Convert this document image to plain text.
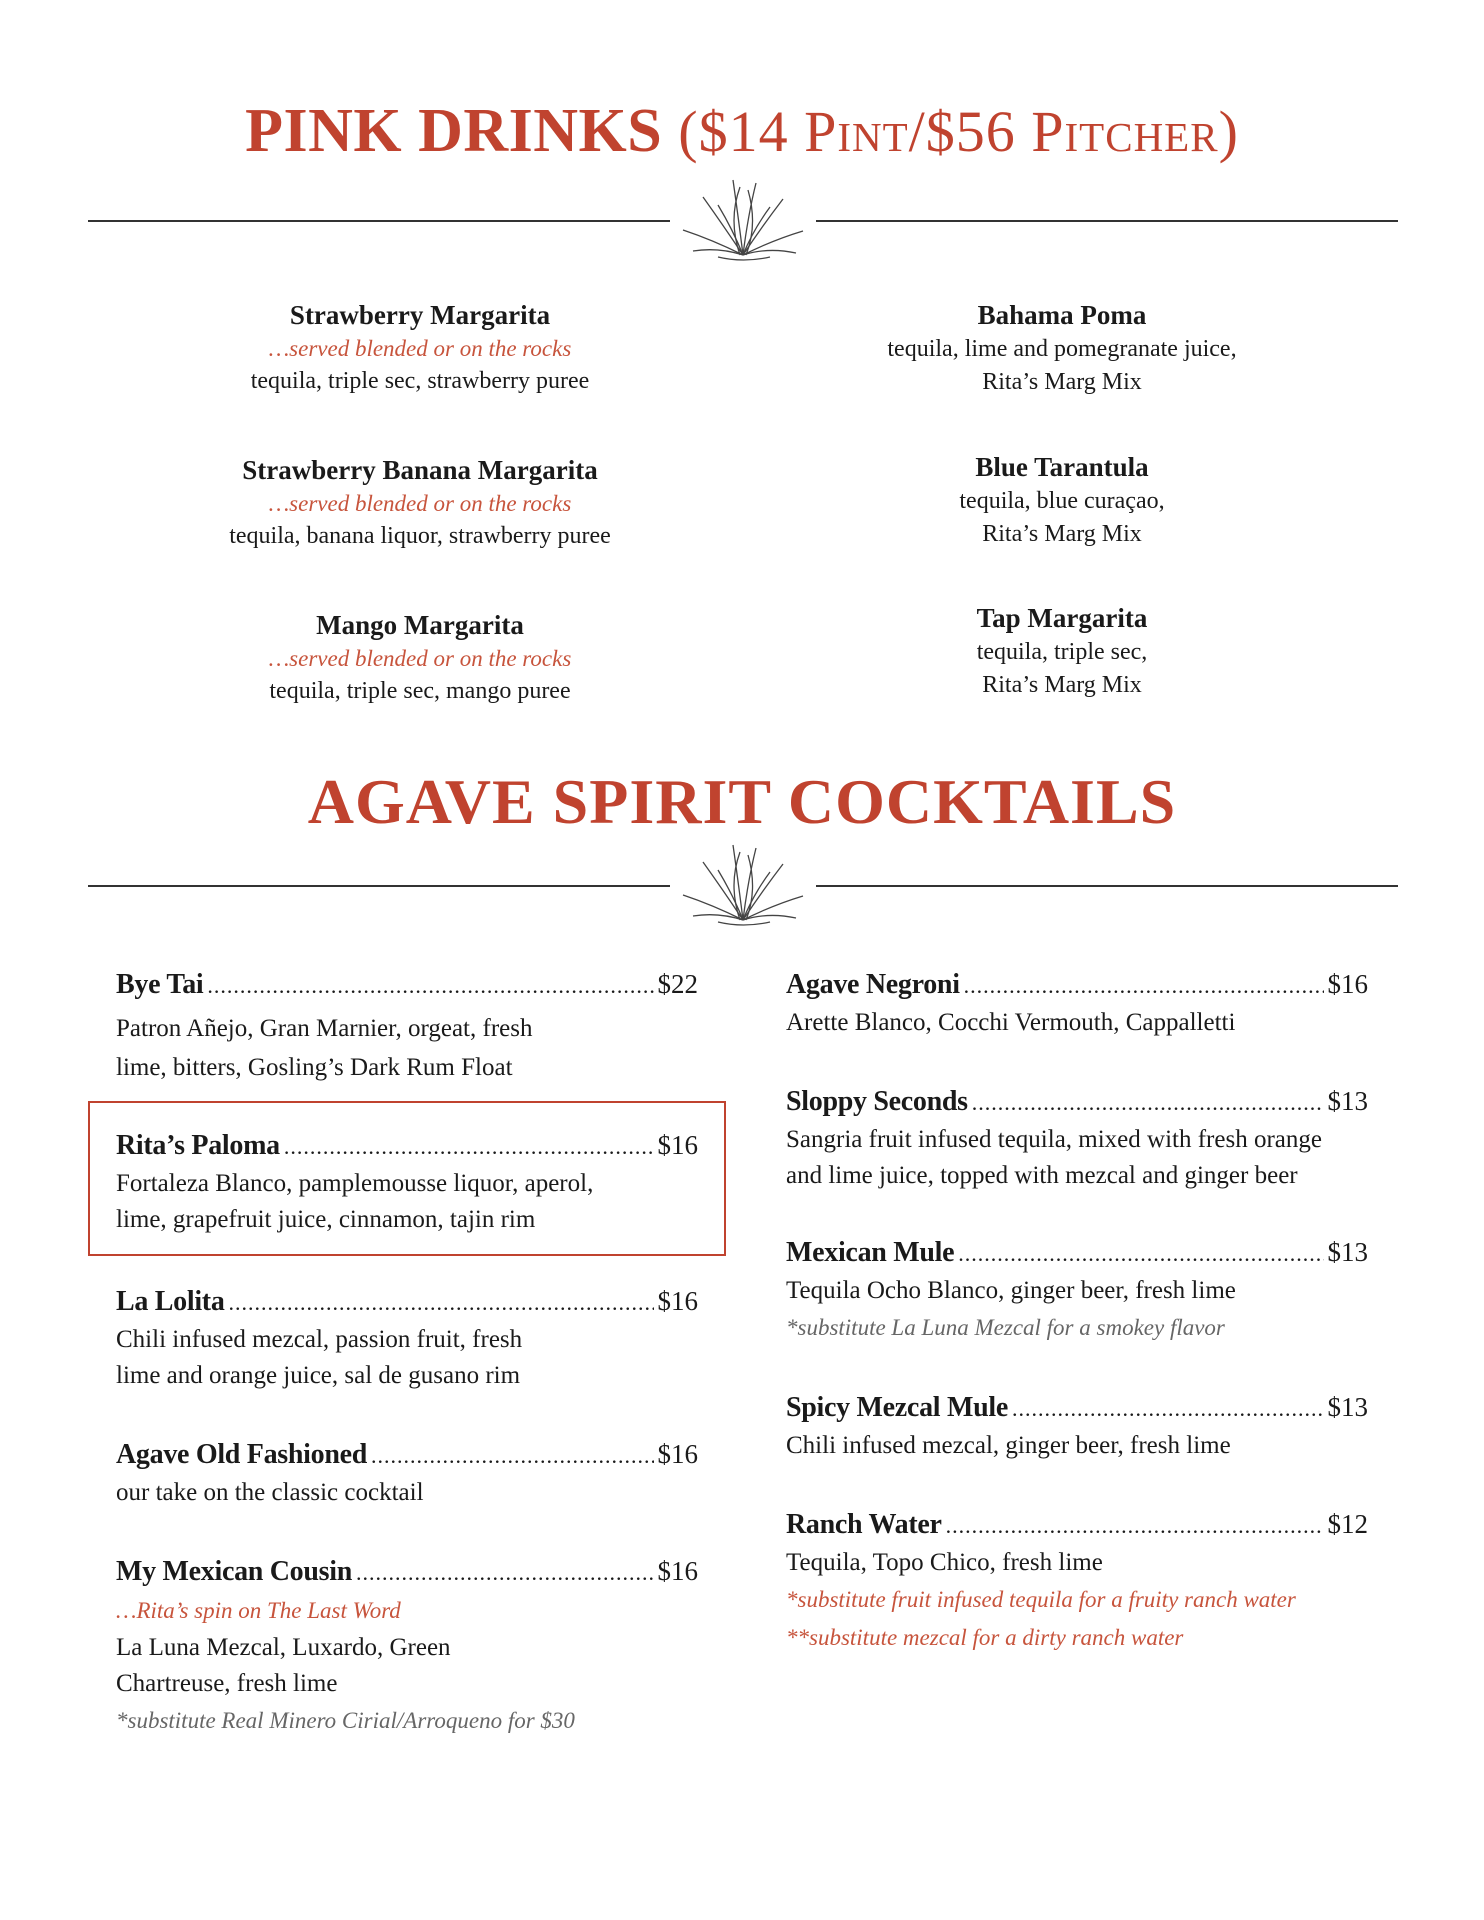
PINK DRINKS ($14 Pint/$56 Pitcher)
Strawberry Margarita
…served blended or on the rocks
tequila, triple sec, strawberry puree
Strawberry Banana Margarita
…served blended or on the rocks
tequila, banana liquor, strawberry puree
Mango Margarita
…served blended or on the rocks
tequila, triple sec, mango puree
Bahama Poma
tequila, lime and pomegranate juice,
Rita’s Marg Mix
Blue Tarantula
tequila, blue curaçao,
Rita’s Marg Mix
Tap Margarita
tequila, triple sec,
Rita’s Marg Mix
AGAVE SPIRIT COCKTAILS
Bye Tai .....	$22
Patron Añejo, Gran Marnier, orgeat, fresh
lime, bitters, Gosling’s Dark Rum Float
Rita’s Paloma .....	$16
Fortaleza Blanco, pamplemousse liquor, aperol,
lime, grapefruit juice, cinnamon, tajin rim
La Lolita .....	$16
Chili infused mezcal, passion fruit, fresh
lime and orange juice, sal de gusano rim
Agave Old Fashioned .....	$16
our take on the classic cocktail
My Mexican Cousin .....	$16
…Rita’s spin on The Last Word
La Luna Mezcal, Luxardo, Green
Chartreuse, fresh lime
*substitute Real Minero Cirial/Arroqueno for $30
Agave Negroni .....	$16
Arette Blanco, Cocchi Vermouth, Cappalletti
Sloppy Seconds .....	$13
Sangria fruit infused tequila, mixed with fresh orange
and lime juice, topped with mezcal and ginger beer
Mexican Mule .....	$13
Tequila Ocho Blanco, ginger beer, fresh lime
*substitute La Luna Mezcal for a smokey flavor
Spicy Mezcal Mule .....	$13
Chili infused mezcal, ginger beer, fresh lime
Ranch Water .....	$12
Tequila, Topo Chico, fresh lime
*substitute fruit infused tequila for a fruity ranch water
**substitute mezcal for a dirty ranch water
